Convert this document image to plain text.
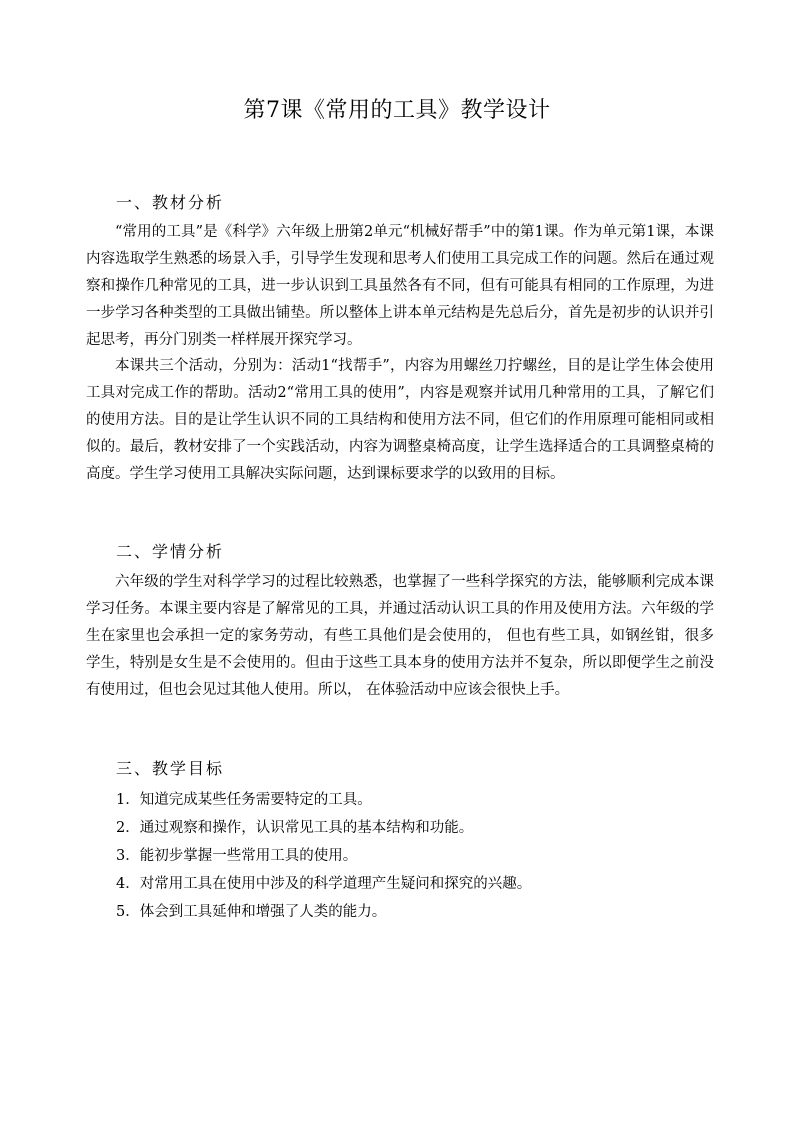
第7课《常用的工具》教学设计
一、教材分析

“常用的工具”是《科学》六年级上册第2单元“机械好帮手”中的第1课。作为单元第1课，本课内容选取学生熟悉的场景入手，引导学生发现和思考人们使用工具完成工作的问题。然后在通过观察和操作几种常见的工具，进一步认识到工具虽然各有不同，但有可能具有相同的工作原理，为进一步学习各种类型的工具做出铺垫。所以整体上讲本单元结构是先总后分，首先是初步的认识并引起思考，再分门别类一样样展开探究学习。

本课共三个活动，分别为：活动1“找帮手”，内容为用螺丝刀拧螺丝，目的是让学生体会使用工具对完成工作的帮助。活动2“常用工具的使用”，内容是观察并试用几种常用的工具，了解它们的使用方法。目的是让学生认识不同的工具结构和使用方法不同，但它们的作用原理可能相同或相似的。最后，教材安排了一个实践活动，内容为调整桌椅高度，让学生选择适合的工具调整桌椅的高度。学生学习使用工具解决实际问题，达到课标要求学的以致用的目标。

二、学情分析

六年级的学生对科学学习的过程比较熟悉，也掌握了一些科学探究的方法，能够顺利完成本课学习任务。本课主要内容是了解常见的工具，并通过活动认识工具的作用及使用方法。六年级的学生在家里也会承担一定的家务劳动，有些工具他们是会使用的， 但也有些工具，如钢丝钳，很多学生，特别是女生是不会使用的。但由于这些工具本身的使用方法并不复杂，所以即便学生之前没有使用过，但也会见过其他人使用。所以， 在体验活动中应该会很快上手。

三、教学目标
1．知道完成某些任务需要特定的工具。
2．通过观察和操作，认识常见工具的基本结构和功能。
3．能初步掌握一些常用工具的使用。
4．对常用工具在使用中涉及的科学道理产生疑问和探究的兴趣。
5．体会到工具延伸和增强了人类的能力。
